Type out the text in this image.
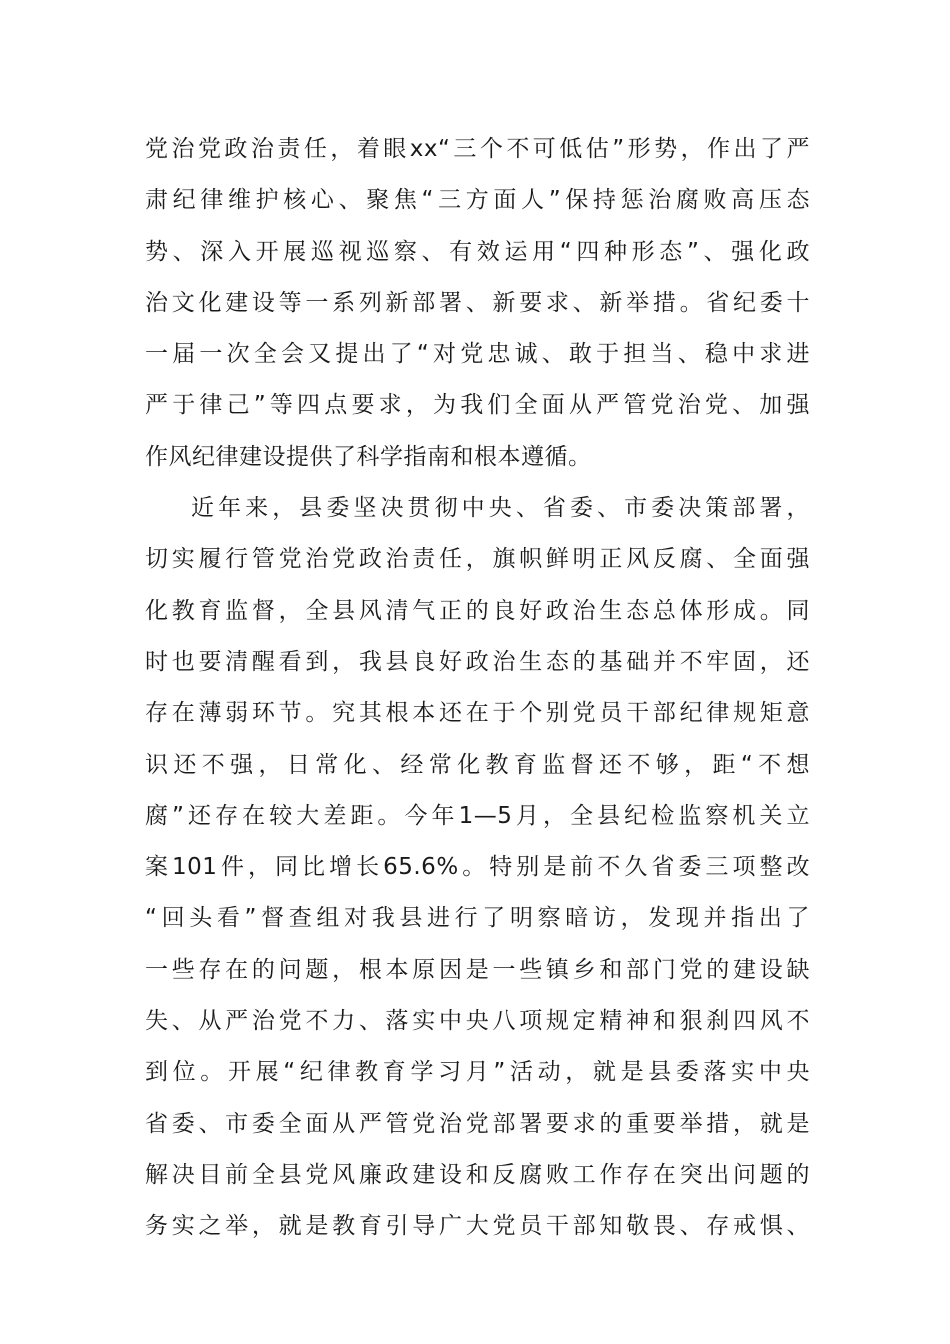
党治党政治责任，着眼xx“三个不可低估”形势，作出了严
肃纪律维护核心、聚焦“三方面人”保持惩治腐败高压态
势、深入开展巡视巡察、有效运用“四种形态”、强化政
治文化建设等一系列新部署、新要求、新举措。省纪委十
一届一次全会又提出了“对党忠诚、敢于担当、稳中求进
严于律己”等四点要求，为我们全面从严管党治党、加强
作风纪律建设提供了科学指南和根本遵循。
近年来，县委坚决贯彻中央、省委、市委决策部署，
切实履行管党治党政治责任，旗帜鲜明正风反腐、全面强
化教育监督，全县风清气正的良好政治生态总体形成。同
时也要清醒看到，我县良好政治生态的基础并不牢固，还
存在薄弱环节。究其根本还在于个别党员干部纪律规矩意
识还不强，日常化、经常化教育监督还不够，距“不想
腐”还存在较大差距。今年1—5月，全县纪检监察机关立
案101件，同比增长65.6%。特别是前不久省委三项整改
“回头看”督查组对我县进行了明察暗访，发现并指出了
一些存在的问题，根本原因是一些镇乡和部门党的建设缺
失、从严治党不力、落实中央八项规定精神和狠刹四风不
到位。开展“纪律教育学习月”活动，就是县委落实中央
省委、市委全面从严管党治党部署要求的重要举措，就是
解决目前全县党风廉政建设和反腐败工作存在突出问题的
务实之举，就是教育引导广大党员干部知敬畏、存戒惧、
